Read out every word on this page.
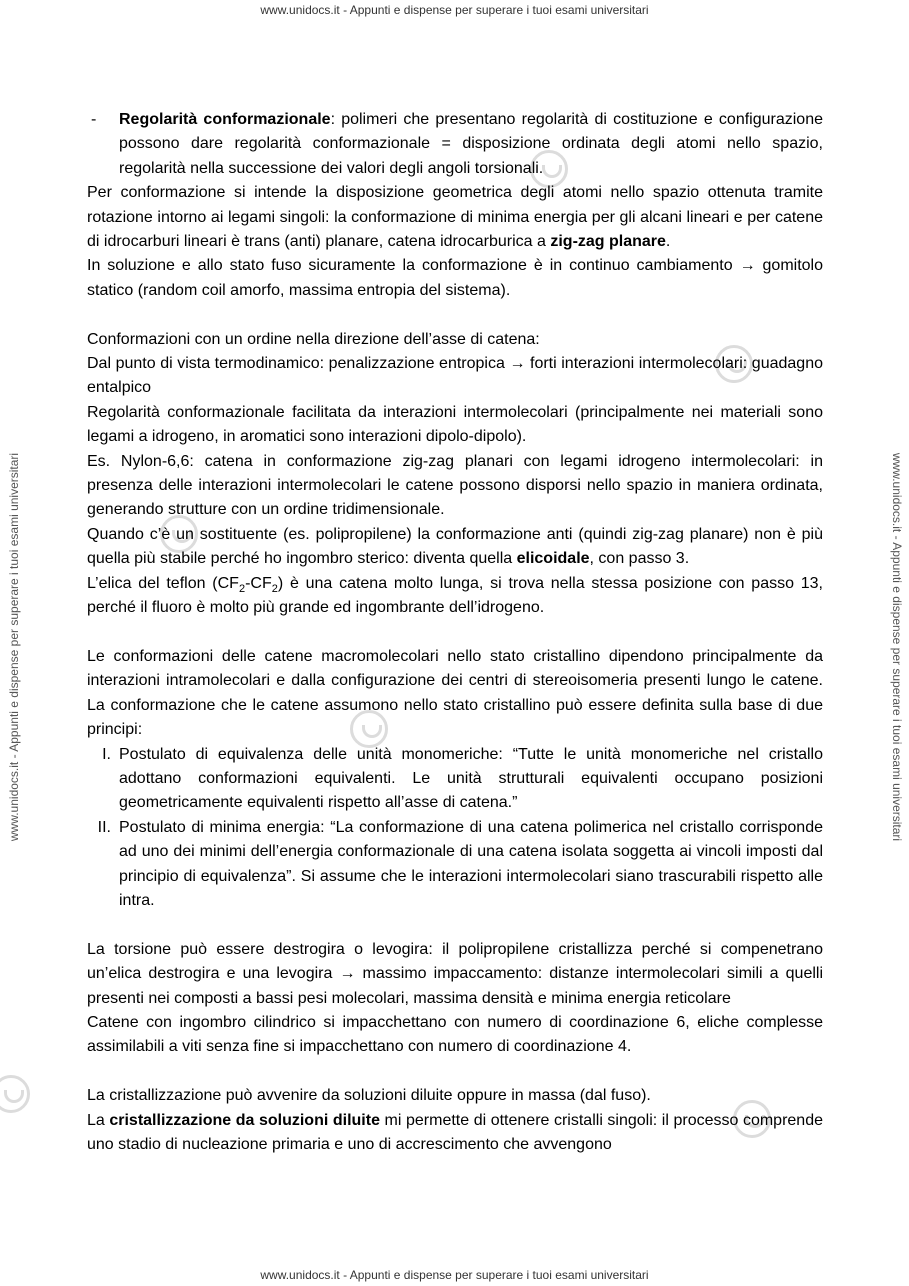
www.unidocs.it - Appunti e dispense per superare i tuoi esami universitari
www.unidocs.it - Appunti e dispense per superare i tuoi esami universitari
www.unidocs.it - Appunti e dispense per superare i tuoi esami universitari	www.unidocs.it - Appunti e dispense per superare i tuoi esami universitari
- Regolarità conformazionale: polimeri che presentano regolarità di costituzione e configurazione possono dare regolarità conformazionale = disposizione ordinata degli atomi nello spazio, regolarità nella successione dei valori degli angoli torsionali.

Per conformazione si intende la disposizione geometrica degli atomi nello spazio ottenuta tramite rotazione intorno ai legami singoli: la conformazione di minima energia per gli alcani lineari e per catene di idrocarburi lineari è trans (anti) planare, catena idrocarburica a zig-zag planare.

In soluzione e allo stato fuso sicuramente la conformazione è in continuo cambiamento → gomitolo statico (random coil amorfo, massima entropia del sistema).

Conformazioni con un ordine nella direzione dell’asse di catena:

Dal punto di vista termodinamico: penalizzazione entropica → forti interazioni intermolecolari: guadagno entalpico

Regolarità conformazionale facilitata da interazioni intermolecolari (principalmente nei materiali sono legami a idrogeno, in aromatici sono interazioni dipolo-dipolo).

Es. Nylon-6,6: catena in conformazione zig-zag planari con legami idrogeno intermolecolari: in presenza delle interazioni intermolecolari le catene possono disporsi nello spazio in maniera ordinata, generando strutture con un ordine tridimensionale.

Quando c’è un sostituente (es. polipropilene) la conformazione anti (quindi zig-zag planare) non è più quella più stabile perché ho ingombro sterico: diventa quella elicoidale, con passo 3.

L’elica del teflon $(CF_2-CF_2)$ è una catena molto lunga, si trova nella stessa posizione con passo 13, perché il fluoro è molto più grande ed ingombrante dell’idrogeno.

Le conformazioni delle catene macromolecolari nello stato cristallino dipendono principalmente da interazioni intramolecolari e dalla configurazione dei centri di stereoisomeria presenti lungo le catene. La conformazione che le catene assumono nello stato cristallino può essere definita sulla base di due principi:

I. Postulato di equivalenza delle unità monomeriche: “Tutte le unità monomeriche nel cristallo adottano conformazioni equivalenti. Le unità strutturali equivalenti occupano posizioni geometricamente equivalenti rispetto all’asse di catena.”

II. Postulato di minima energia: “La conformazione di una catena polimerica nel cristallo corrisponde ad uno dei minimi dell’energia conformazionale di una catena isolata soggetta ai vincoli imposti dal principio di equivalenza”. Si assume che le interazioni intermolecolari siano trascurabili rispetto alle intra.

La torsione può essere destrogira o levogira: il polipropilene cristallizza perché si compenetrano un’elica destrogira e una levogira → massimo impaccamento: distanze intermolecolari simili a quelli presenti nei composti a bassi pesi molecolari, massima densità e minima energia reticolare

Catene con ingombro cilindrico si impacchettano con numero di coordinazione 6, eliche complesse assimilabili a viti senza fine si impacchettano con numero di coordinazione 4.

La cristallizzazione può avvenire da soluzioni diluite oppure in massa (dal fuso).

La cristallizzazione da soluzioni diluite mi permette di ottenere cristalli singoli: il processo comprende uno stadio di nucleazione primaria e uno di accrescimento che avvengono
